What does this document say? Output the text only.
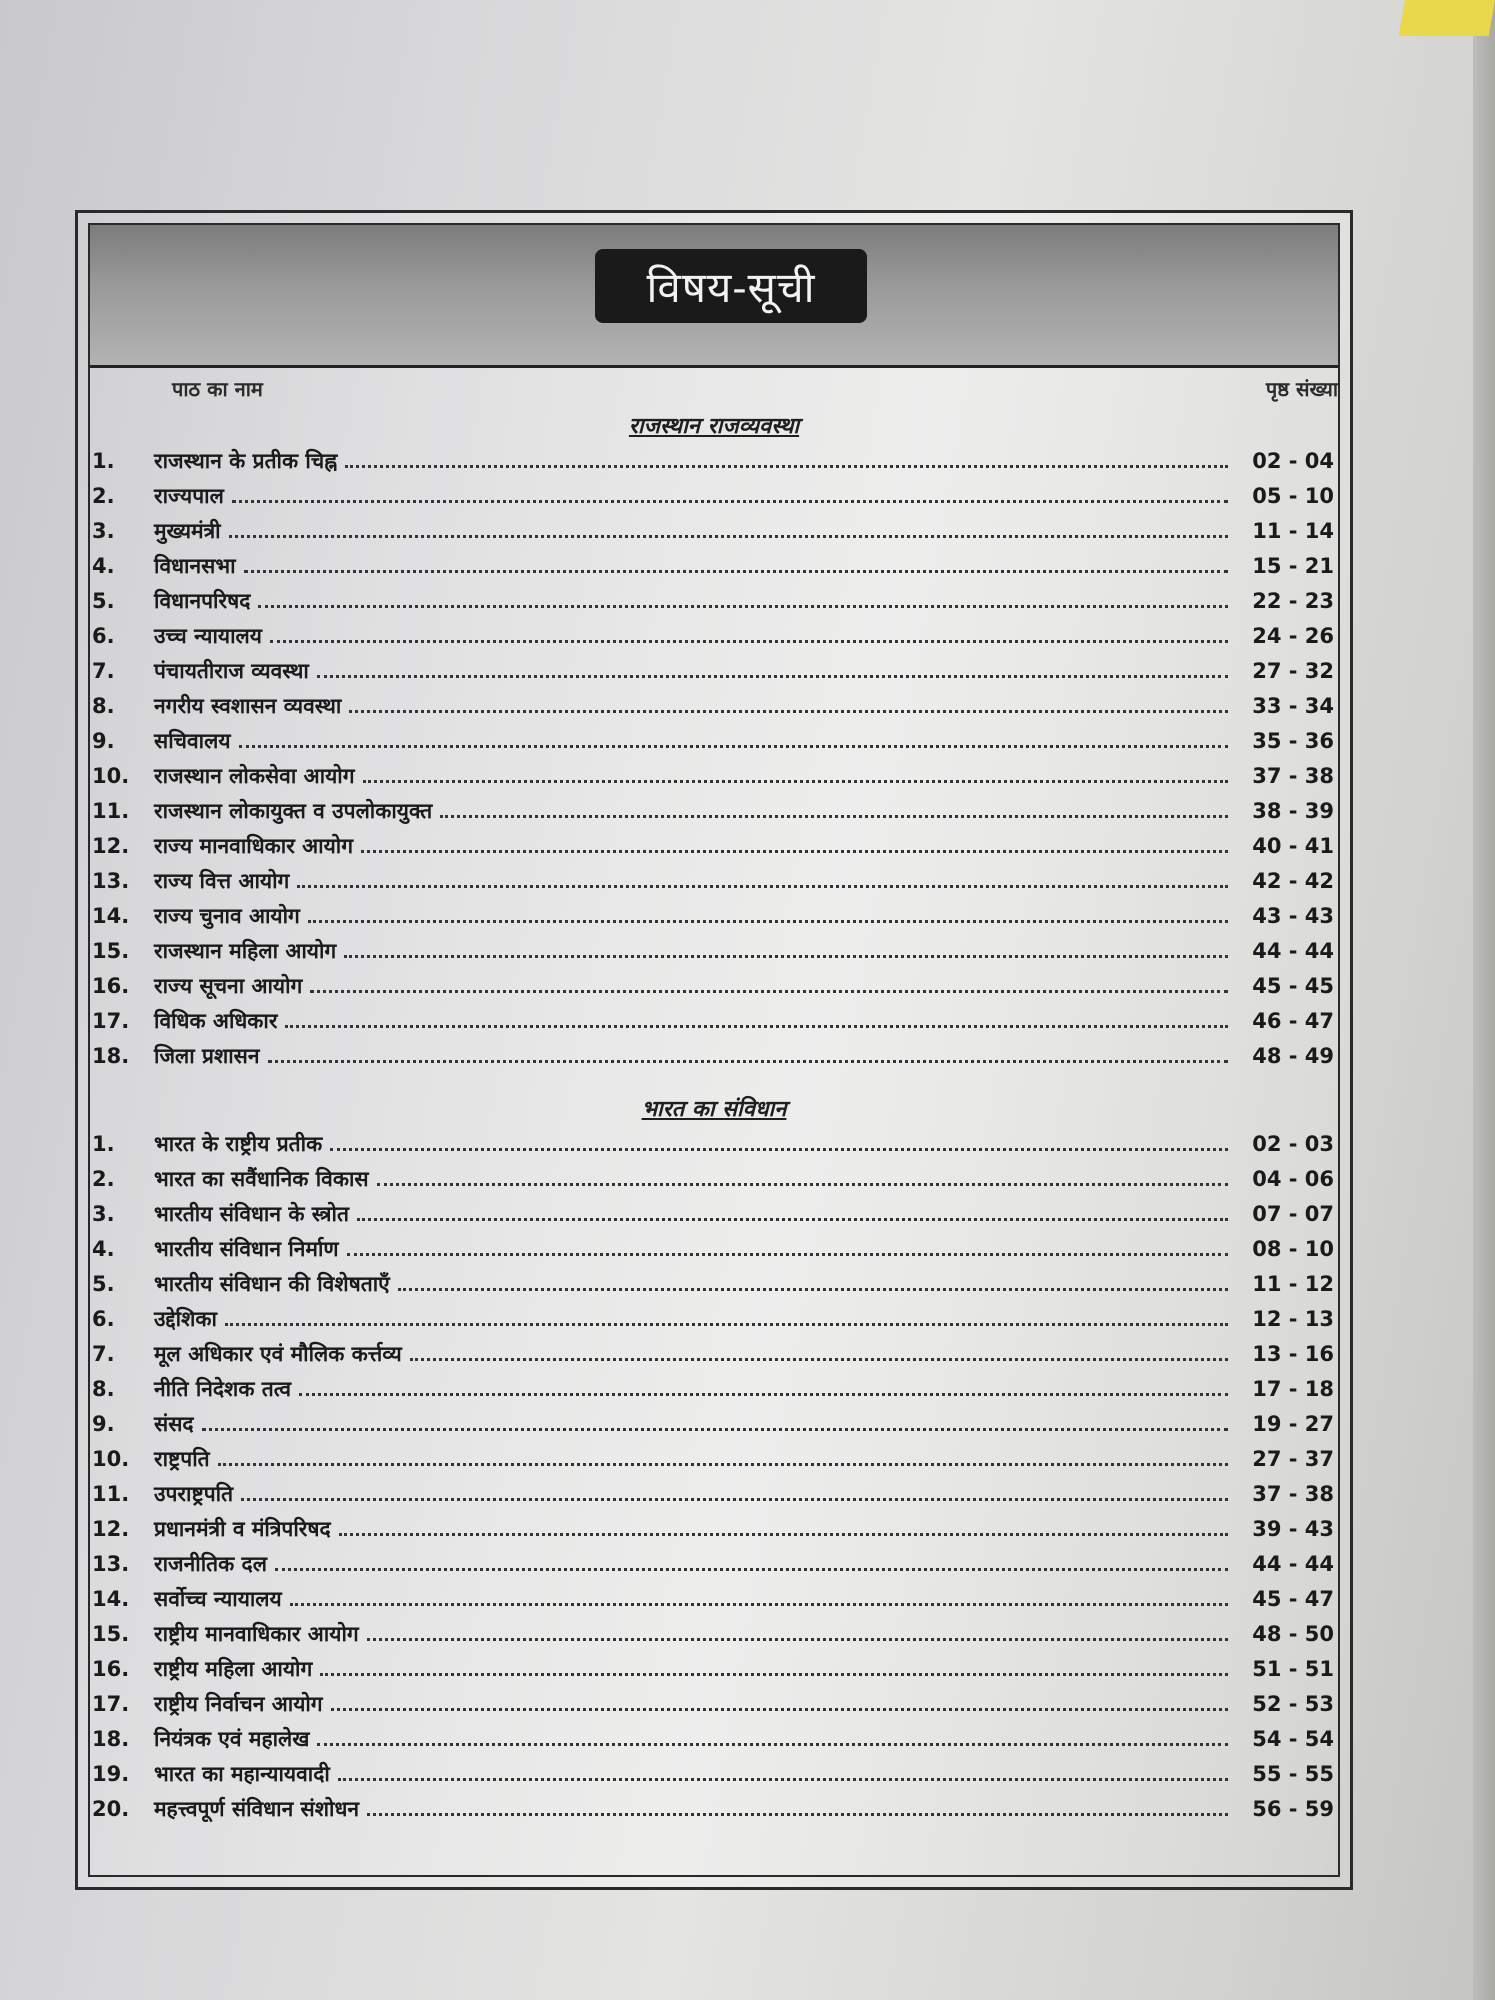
विषय-सूची
पाठ का नाम	पृष्ठ संख्या
राजस्थान राजव्यवस्था
1.	राजस्थान के प्रतीक चिह्न	02 - 04
2.	राज्यपाल	05 - 10
3.	मुख्यमंत्री	11 - 14
4.	विधानसभा	15 - 21
5.	विधानपरिषद	22 - 23
6.	उच्च न्यायालय	24 - 26
7.	पंचायतीराज व्यवस्था	27 - 32
8.	नगरीय स्वशासन व्यवस्था	33 - 34
9.	सचिवालय	35 - 36
10.	राजस्थान लोकसेवा आयोग	37 - 38
11.	राजस्थान लोकायुक्त व उपलोकायुक्त	38 - 39
12.	राज्य मानवाधिकार आयोग	40 - 41
13.	राज्य वित्त आयोग	42 - 42
14.	राज्य चुनाव आयोग	43 - 43
15.	राजस्थान महिला आयोग	44 - 44
16.	राज्य सूचना आयोग	45 - 45
17.	विधिक अधिकार	46 - 47
18.	जिला प्रशासन	48 - 49
भारत का संविधान
1.	भारत के राष्ट्रीय प्रतीक	02 - 03
2.	भारत का सवैंधानिक विकास	04 - 06
3.	भारतीय संविधान के स्त्रोत	07 - 07
4.	भारतीय संविधान निर्माण	08 - 10
5.	भारतीय संविधान की विशेषताएँ	11 - 12
6.	उद्देशिका	12 - 13
7.	मूल अधिकार एवं मौलिक कर्त्तव्य	13 - 16
8.	नीति निदेशक तत्व	17 - 18
9.	संसद	19 - 27
10.	राष्ट्रपति	27 - 37
11.	उपराष्ट्रपति	37 - 38
12.	प्रधानमंत्री व मंत्रिपरिषद	39 - 43
13.	राजनीतिक दल	44 - 44
14.	सर्वोच्च न्यायालय	45 - 47
15.	राष्ट्रीय मानवाधिकार आयोग	48 - 50
16.	राष्ट्रीय महिला आयोग	51 - 51
17.	राष्ट्रीय निर्वाचन आयोग	52 - 53
18.	नियंत्रक एवं महालेख	54 - 54
19.	भारत का महान्यायवादी	55 - 55
20.	महत्त्वपूर्ण संविधान संशोधन	56 - 59
